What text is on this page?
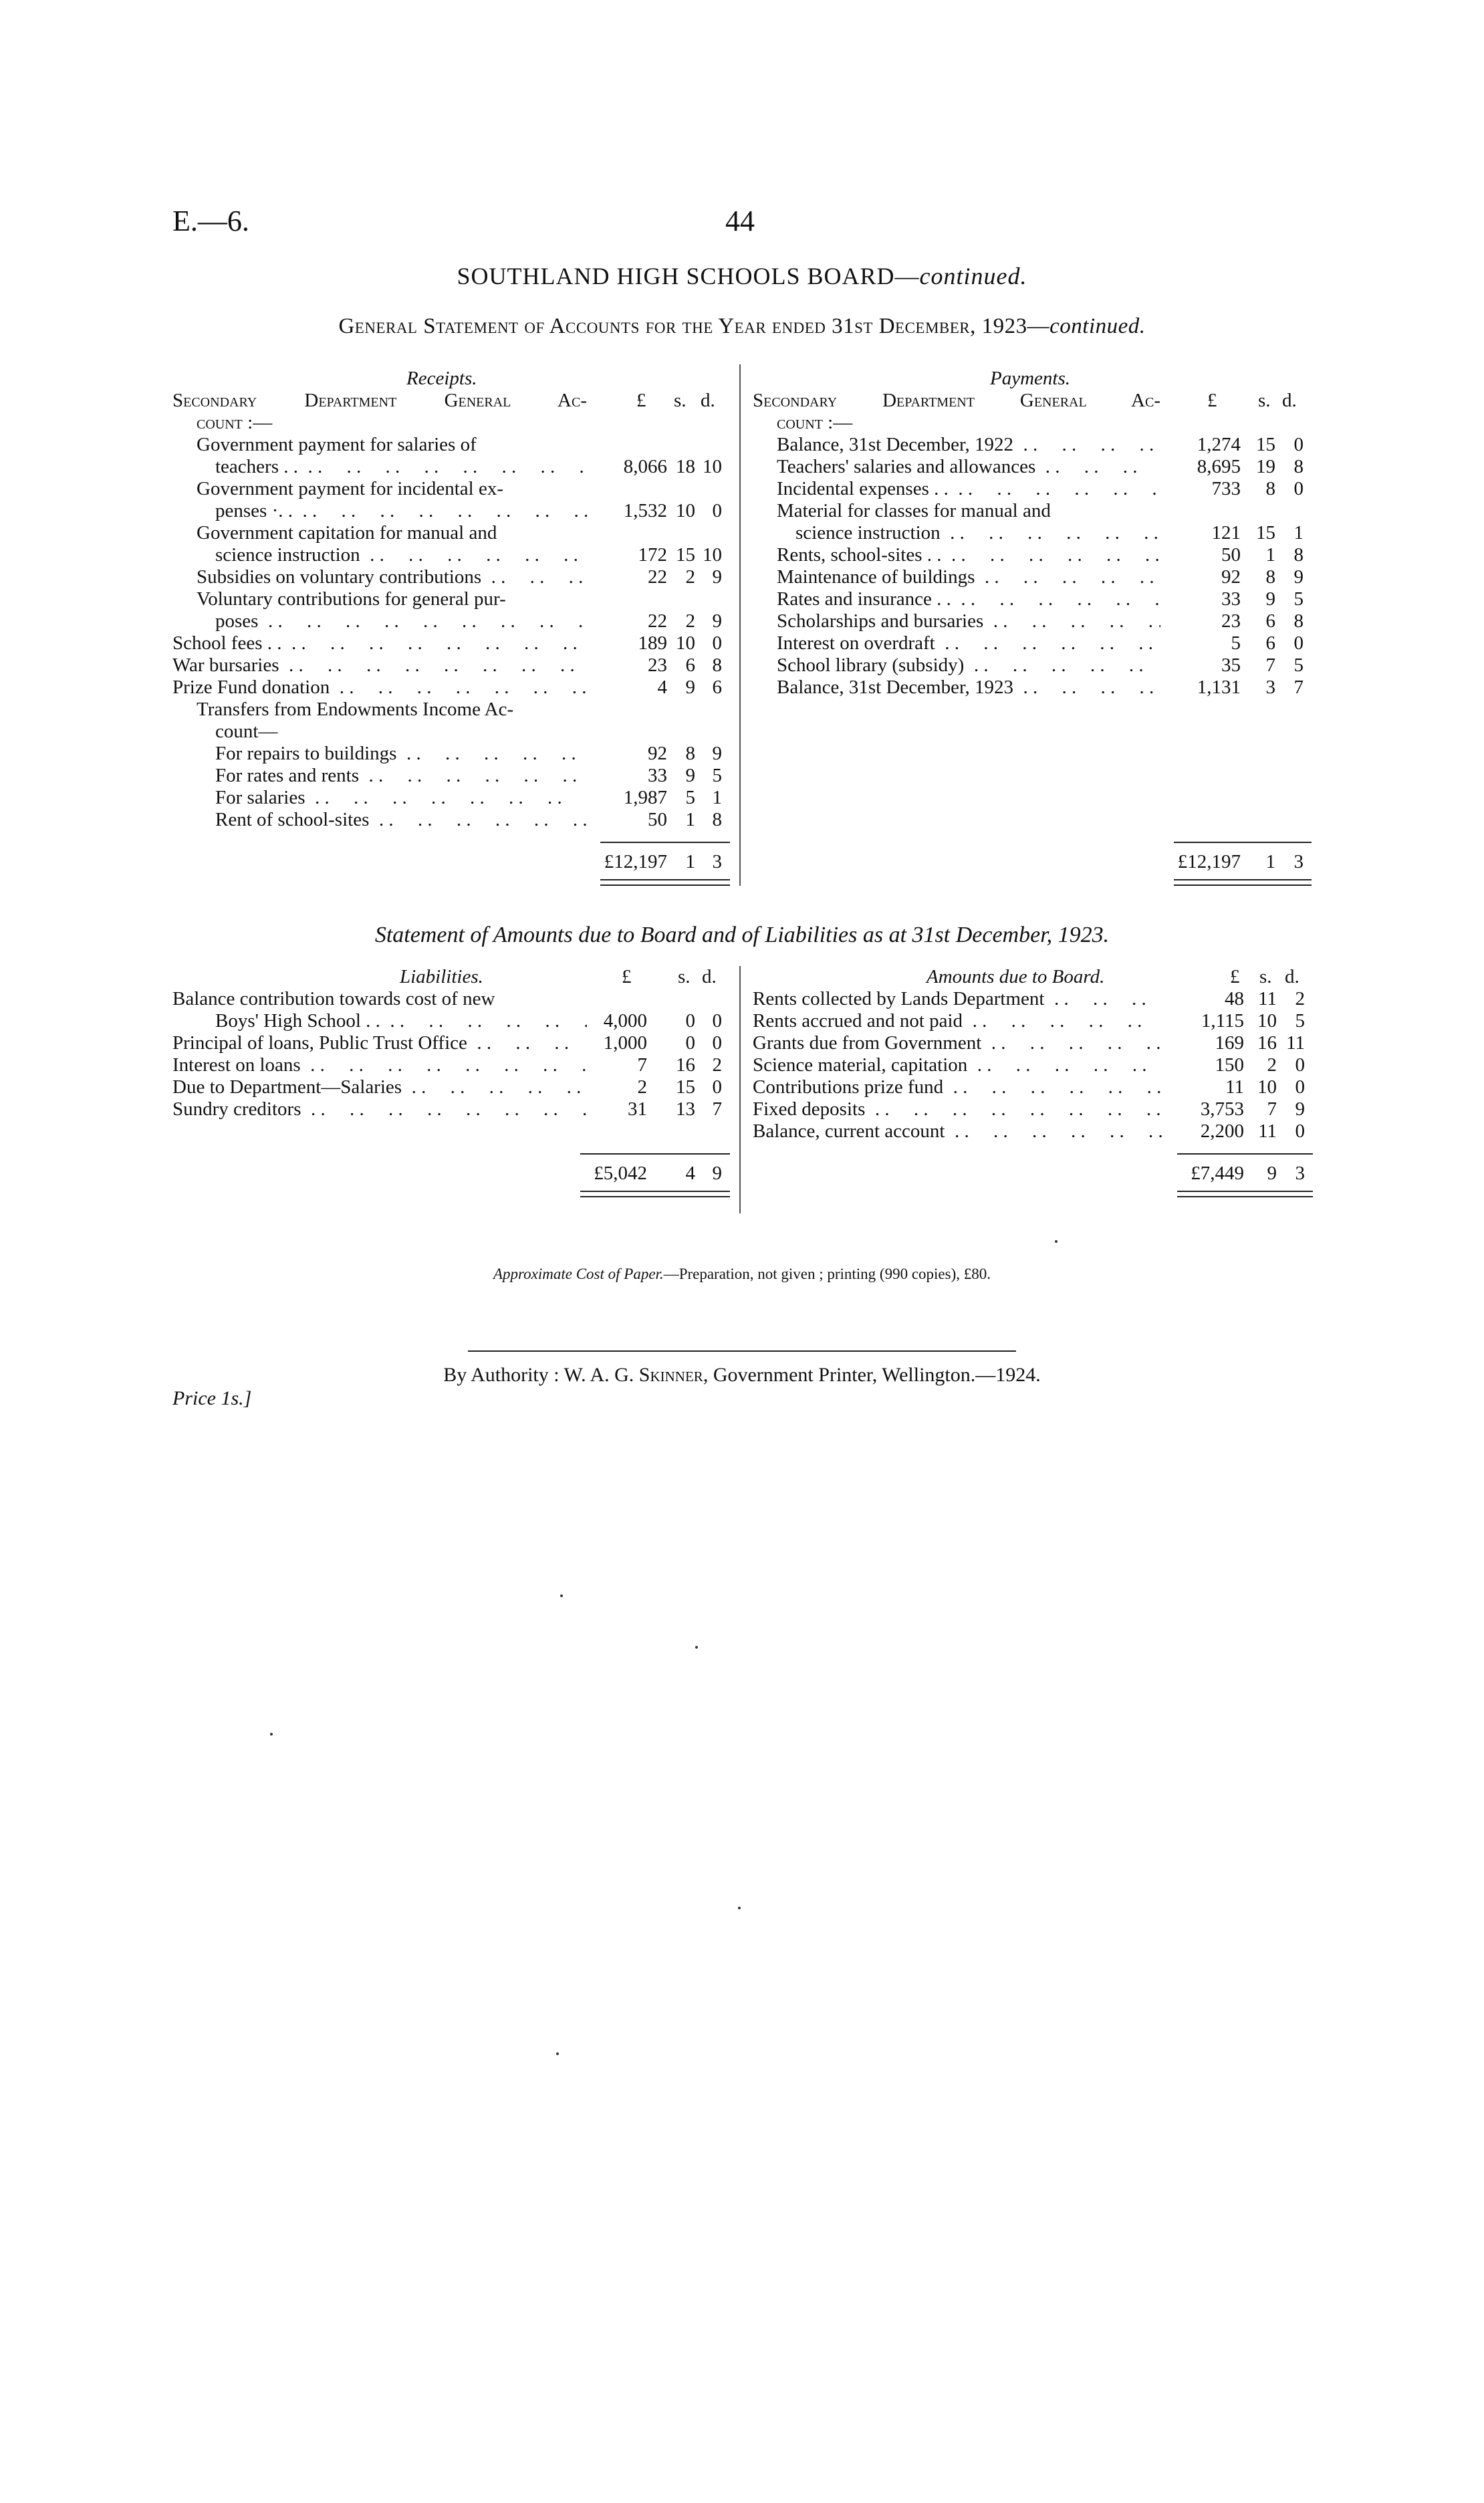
E.—6.	44
SOUTHLAND HIGH SCHOOLS BOARD—continued.
General Statement of Accounts for the Year ended 31st December, 1923—continued.
Receipts.
£ s. d.
Secondary Department General Ac-
count :—
Government payment for salaries of
teachers . . . .	8,066 18 10
Government payment for incidental ex-
penses ·. . . .	1,532 10 0
Government capitation for manual and
science instruction . .	172 15 10
Subsidies on voluntary contributions . .	22 2 9
Voluntary contributions for general pur-
poses . .	22 2 9
School fees . . . .	189 10 0
War bursaries . .	23 6 8
Prize Fund donation . .	4 9 6
Transfers from Endowments Income Ac-
count—
For repairs to buildings . .	92 8 9
For rates and rents . .	33 9 5
For salaries . .	1,987 5 1
Rent of school-sites . .	50 1 8
£12,197 1 3
Payments.
£ s. d.
Secondary Department General Ac-
count :—
Balance, 31st December, 1922 . .	1,274 15 0
Teachers' salaries and allowances . .	8,695 19 8
Incidental expenses . . . .	733 8 0
Material for classes for manual and
science instruction . .	121 15 1
Rents, school-sites . . . .	50 1 8
Maintenance of buildings . .	92 8 9
Rates and insurance . . . .	33 9 5
Scholarships and bursaries . .	23 6 8
Interest on overdraft . .	5 6 0
School library (subsidy) . .	35 7 5
Balance, 31st December, 1923 . .	1,131 3 7
£12,197 1 3
Statement of Amounts due to Board and of Liabilities as at 31st December, 1923.
Liabilities.	£ s. d.
Balance contribution towards cost of new
Boys' High School . . . .	4,000 0 0
Principal of loans, Public Trust Office . .	1,000 0 0
Interest on loans . .	7 16 2
Due to Department—Salaries . .	2 15 0
Sundry creditors . .	31 13 7
£5,042 4 9
Amounts due to Board.	£ s. d.
Rents collected by Lands Department . .	48 11 2
Rents accrued and not paid . .	1,115 10 5
Grants due from Government . .	169 16 11
Science material, capitation . .	150 2 0
Contributions prize fund . .	11 10 0
Fixed deposits . .	3,753 7 9
Balance, current account . .	2,200 11 0
£7,449 9 3
Approximate Cost of Paper.—Preparation, not given ; printing (990 copies), £80.
By Authority : W. A. G. Skinner, Government Printer, Wellington.—1924.
Price 1s.]
